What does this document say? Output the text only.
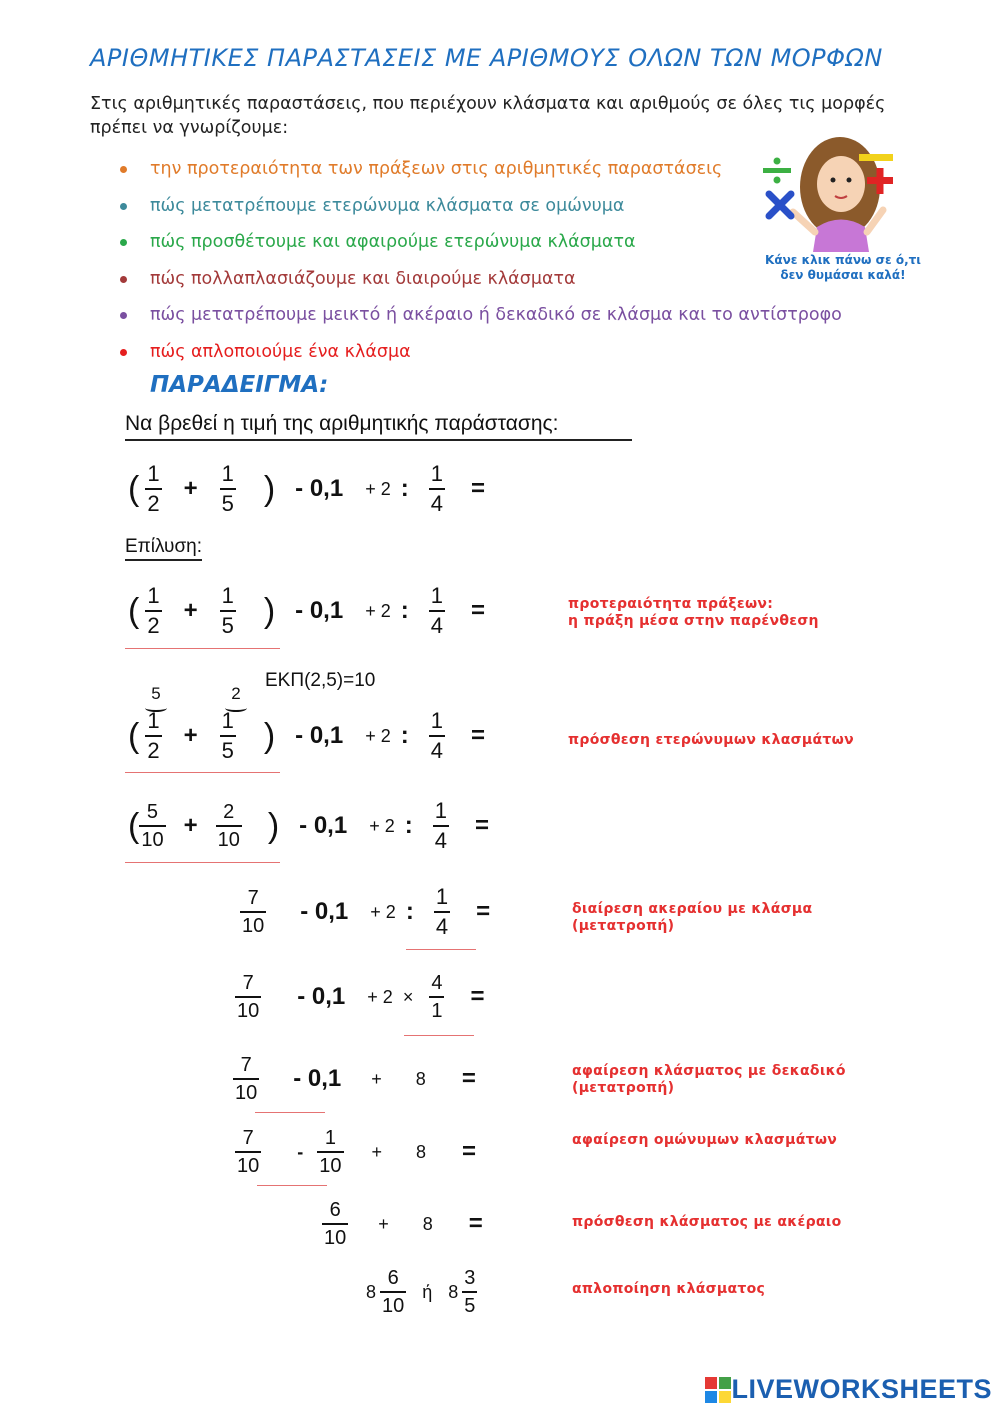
ΑΡΙΘΜΗΤΙΚΕΣ ΠΑΡΑΣΤΑΣΕΙΣ ΜΕ ΑΡΙΘΜΟΥΣ ΟΛΩΝ ΤΩΝ ΜΟΡΦΩΝ
Στις αριθμητικές παραστάσεις, που περιέχουν κλάσματα και αριθμούς σε όλες τις μορφές πρέπει να γνωρίζουμε:
την προτεραιότητα των πράξεων στις αριθμητικές παραστάσεις
πώς μετατρέπουμε ετερώνυμα κλάσματα σε ομώνυμα
πώς προσθέτουμε και αφαιρούμε ετερώνυμα κλάσματα
πώς πολλαπλασιάζουμε και διαιρούμε κλάσματα
πώς μετατρέπουμε μεικτό ή ακέραιο ή δεκαδικό σε κλάσμα και το αντίστροφο
πώς απλοποιούμε ένα κλάσμα
Κάνε κλικ πάνω σε ό,τι δεν θυμάσαι καλά!
ΠΑΡΑΔΕΙΓΜΑ:
Να βρεθεί η τιμή της αριθμητικής παράστασης:
( $\frac{1}{2} + \frac{1}{5}$ ) - 0,1 + 2 : $\frac{1}{4}$ =
Επίλυση:
( $\frac{1}{2} + \frac{1}{5}$ ) - 0,1 + 2 : $\frac{1}{4}$ =	προτεραιότητα πράξεων:
η πράξη μέσα στην παρένθεση
ΕΚΠ(2,5)=10
5	2
( $\frac{1}{2} + \frac{1}{5}$ ) - 0,1 + 2 : $\frac{1}{4}$ =	πρόσθεση ετερώνυμων κλασμάτων
( $\frac{5}{10} + \frac{2}{10}$ ) - 0,1 + 2 : $\frac{1}{4}$ =
$\frac{7}{10} - 0,1 + 2$ : $\frac{1}{4}$ =	διαίρεση ακεραίου με κλάσμα
(μετατροπή)
$\frac{7}{10} - 0,1 + 2 \times \frac{4}{1}$ =
$\frac{7}{10} - 0,1 + 8$ =	αφαίρεση κλάσματος με δεκαδικό
(μετατροπή)
$\frac{7}{10} - \frac{1}{10} + 8$ =	αφαίρεση ομώνυμων κλασμάτων
$\frac{6}{10} + 8$ =	πρόσθεση κλάσματος με ακέραιο
$8 \frac{6}{10}$ ή $8 \frac{3}{5}$	απλοποίηση κλάσματος
LIVEWORKSHEETS
